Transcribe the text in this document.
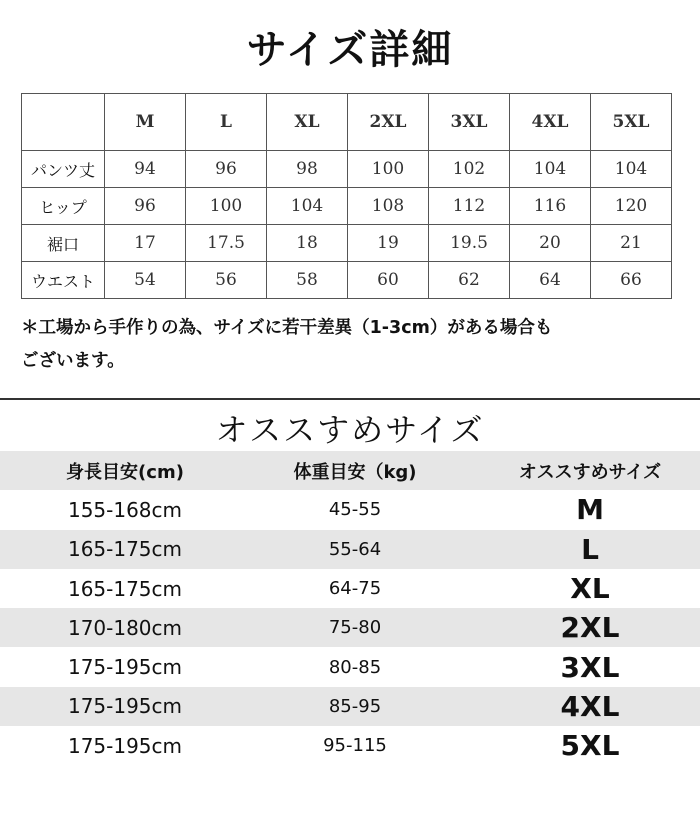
サイズ詳細
	M	L	XL	2XL	3XL	4XL	5XL
パンツ丈	94	96	98	100	102	104	104
ヒップ	96	100	104	108	112	116	120
裾口	17	17.5	18	19	19.5	20	21
ウエスト	54	56	58	60	62	64	66
＊工場から手作りの為、サイズに若干差異（1-3cm）がある場合も
ございます。
オススすめサイズ
身長目安(cm)	体重目安（kg)	オススすめサイズ
155-168cm	45-55	M
165-175cm	55-64	L
165-175cm	64-75	XL
170-180cm	75-80	2XL
175-195cm	80-85	3XL
175-195cm	85-95	4XL
175-195cm	95-115	5XL
